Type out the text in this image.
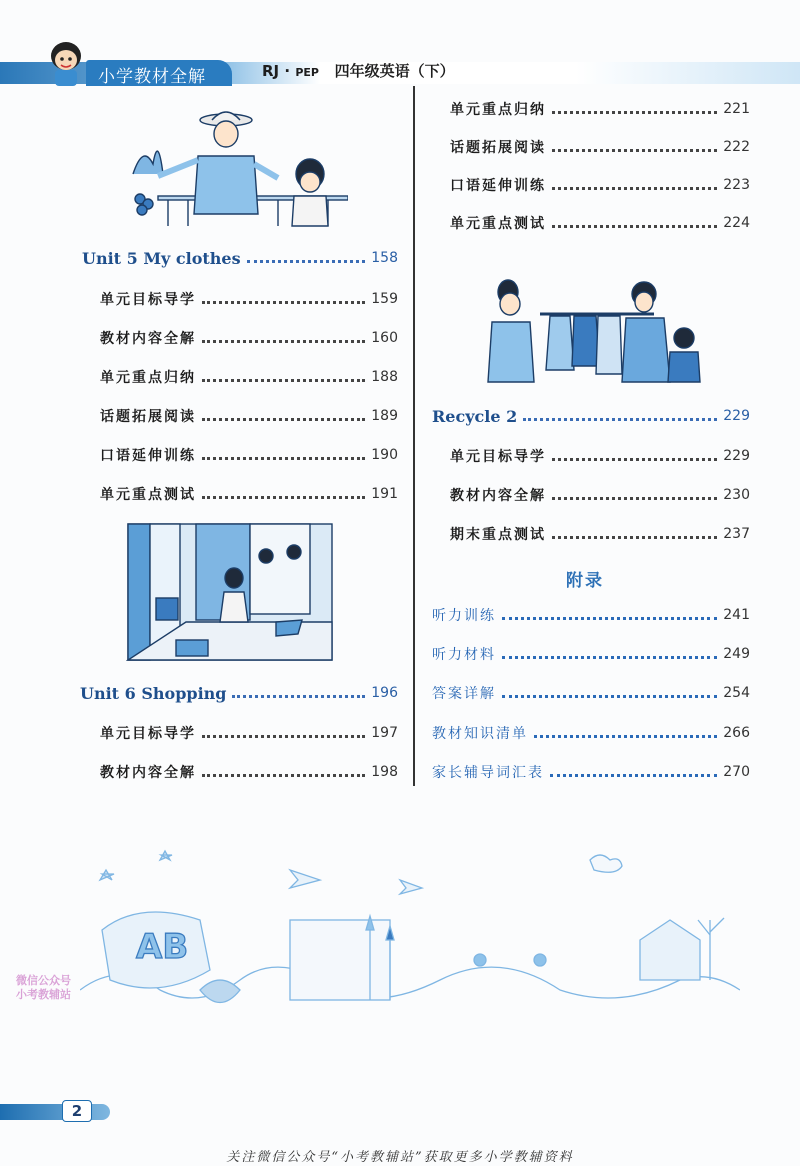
小学教材全解	RJ · PEP 四年级英语（下）
Unit 5 My clothes	158
单元目标导学	159
教材内容全解	160
单元重点归纳	188
话题拓展阅读	189
口语延伸训练	190
单元重点测试	191
Unit 6 Shopping	196
单元目标导学	197
教材内容全解	198
单元重点归纳	221
话题拓展阅读	222
口语延伸训练	223
单元重点测试	224
Recycle 2	229
单元目标导学	229
教材内容全解	230
期末重点测试	237
附录
听力训练	241
听力材料	249
答案详解	254
教材知识清单	266
家长辅导词汇表	270
AB
微信公众号
小考教辅站
2
关注微信公众号“小考教辅站”获取更多小学教辅资料
